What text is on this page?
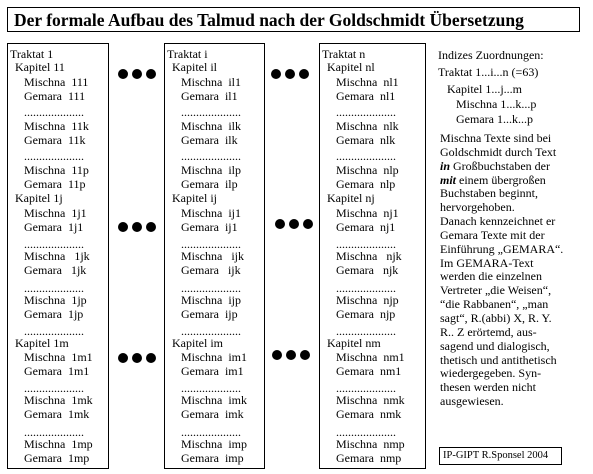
Der formale Aufbau des Talmud nach der Goldschmidt Übersetzung
Traktat 1
Kapitel 11
Mischna  111
Gemara  111
....................
Mischna  11k
Gemara  11k
....................
Mischna  11p
Gemara  11p
Kapitel 1j
Mischna  1j1
Gemara  1j1
....................
Mischna   1jk
Gemara   1jk
....................
Mischna  1jp
Gemara  1jp
....................
Kapitel 1m
Mischna  1m1
Gemara  1m1
....................
Mischna  1mk
Gemara  1mk
....................
Mischna  1mp
Gemara  1mp
Traktat i
Kapitel il
Mischna  il1
Gemara  il1
....................
Mischna  ilk
Gemara  ilk
....................
Mischna  ilp
Gemara  ilp
Kapitel ij
Mischna  ij1
Gemara  ij1
....................
Mischna   ijk
Gemara   ijk
....................
Mischna  ijp
Gemara  ijp
....................
Kapitel im
Mischna  im1
Gemara  im1
....................
Mischna  imk
Gemara  imk
....................
Mischna  imp
Gemara  imp
Traktat n
Kapitel nl
Mischna  nl1
Gemara  nl1
....................
Mischna  nlk
Gemara  nlk
....................
Mischna  nlp
Gemara  nlp
Kapitel nj
Mischna  nj1
Gemara  nj1
....................
Mischna   njk
Gemara   njk
....................
Mischna  njp
Gemara  njp
....................
Kapitel nm
Mischna  nm1
Gemara  nm1
....................
Mischna  nmk
Gemara  nmk
....................
Mischna  nmp
Gemara  nmp
Indizes Zuordnungen:
Traktat 1...i...n (=63)
Kapitel 1...j...m
Mischna 1...k...p
Gemara 1...k...p
Mischna Texte sind bei
Goldschmidt durch Text
in Großbuchstaben der
mit einem übergroßen
Buchstaben beginnt,
hervorgehoben.
Danach kennzeichnet er
Gemara Texte mit der
Einführung „GEMARA“.
Im GEMARA-Text
werden die einzelnen
Vertreter „die Weisen“,
“die Rabbanen“, „man
sagt“, R.(abbi) X, R. Y.
R.. Z erörtemd, aus-
sagend und dialogisch,
thetisch und antithetisch
wiedergegeben. Syn-
thesen werden nicht
ausgewiesen.
IP-GIPT R.Sponsel 2004
